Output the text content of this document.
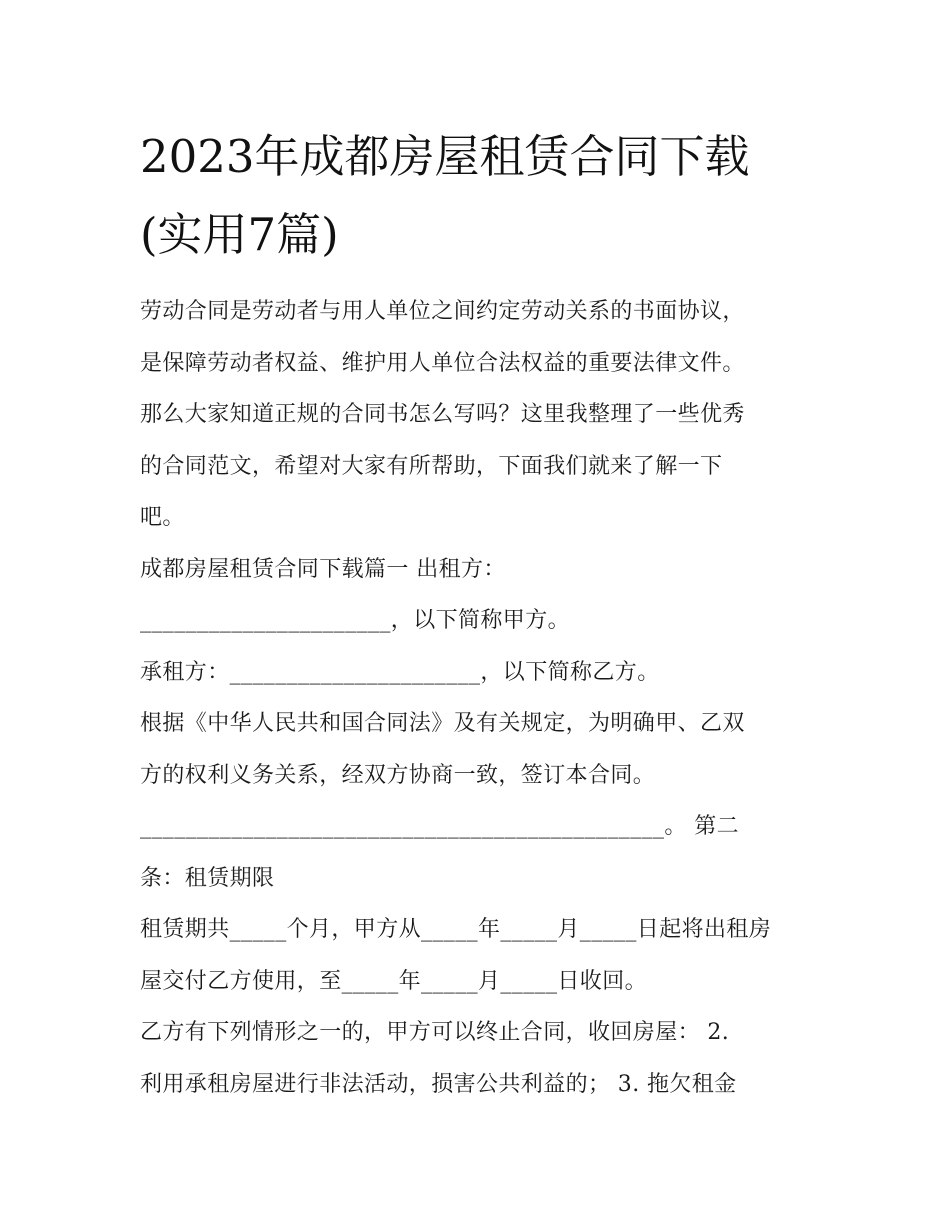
2023年成都房屋租赁合同下载
(实用7篇)
劳动合同是劳动者与用人单位之间约定劳动关系的书面协议，
是保障劳动者权益、维护用人单位合法权益的重要法律文件。
那么大家知道正规的合同书怎么写吗？这里我整理了一些优秀
的合同范文，希望对大家有所帮助，下面我们就来了解一下
吧。
成都房屋租赁合同下载篇一 出租方：
______________________，以下简称甲方。
承租方：______________________，以下简称乙方。
根据《中华人民共和国合同法》及有关规定，为明确甲、乙双
方的权利义务关系，经双方协商一致，签订本合同。
______________________________________________。 第二
条：租赁期限
租赁期共_____个月，甲方从_____年_____月_____日起将出租房
屋交付乙方使用，至_____年_____月_____日收回。
乙方有下列情形之一的，甲方可以终止合同，收回房屋： 2.
利用承租房屋进行非法活动，损害公共利益的； 3. 拖欠租金
